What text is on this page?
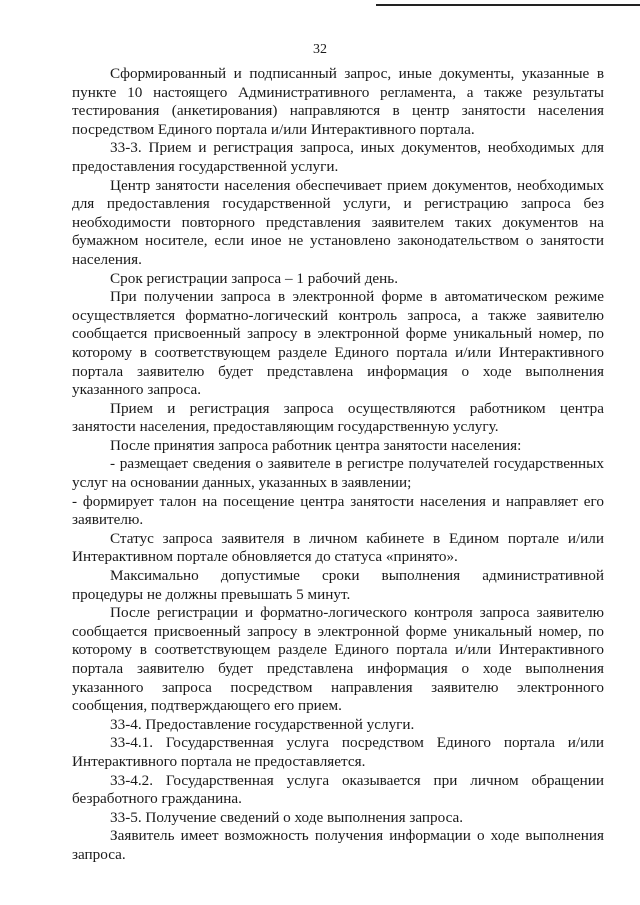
32

Сформированный и подписанный запрос, иные документы, указанные в пункте 10 настоящего Административного регламента, а также результаты тестирования (анкетирования) направляются в центр занятости населения посредством Единого портала и/или Интерактивного портала.

33-3. Прием и регистрация запроса, иных документов, необходимых для предоставления государственной услуги.

Центр занятости населения обеспечивает прием документов, необходимых для предоставления государственной услуги, и регистрацию запроса без необходимости повторного представления заявителем таких документов на бумажном носителе, если иное не установлено законодательством о занятости населения.

Срок регистрации запроса – 1 рабочий день.

При получении запроса в электронной форме в автоматическом режиме осуществляется форматно-логический контроль запроса, а также заявителю сообщается присвоенный запросу в электронной форме уникальный номер, по которому в соответствующем разделе Единого портала и/или Интерактивного портала заявителю будет представлена информация о ходе выполнения указанного запроса.

Прием и регистрация запроса осуществляются работником центра занятости населения, предоставляющим государственную услугу.

После принятия запроса работник центра занятости населения:

- размещает сведения о заявителе в регистре получателей государственных услуг на основании данных, указанных в заявлении;

- формирует талон на посещение центра занятости населения и направляет его заявителю.

Статус запроса заявителя в личном кабинете в Едином портале и/или Интерактивном портале обновляется до статуса «принято».

Максимально допустимые сроки выполнения административной процедуры не должны превышать 5 минут.

После регистрации и форматно-логического контроля запроса заявителю сообщается присвоенный запросу в электронной форме уникальный номер, по которому в соответствующем разделе Единого портала и/или Интерактивного портала заявителю будет представлена информация о ходе выполнения указанного запроса посредством направления заявителю электронного сообщения, подтверждающего его прием.

33-4. Предоставление государственной услуги.

33-4.1. Государственная услуга посредством Единого портала и/или Интерактивного портала не предоставляется.

33-4.2. Государственная услуга оказывается при личном обращении безработного гражданина.

33-5. Получение сведений о ходе выполнения запроса.

Заявитель имеет возможность получения информации о ходе выполнения запроса.
